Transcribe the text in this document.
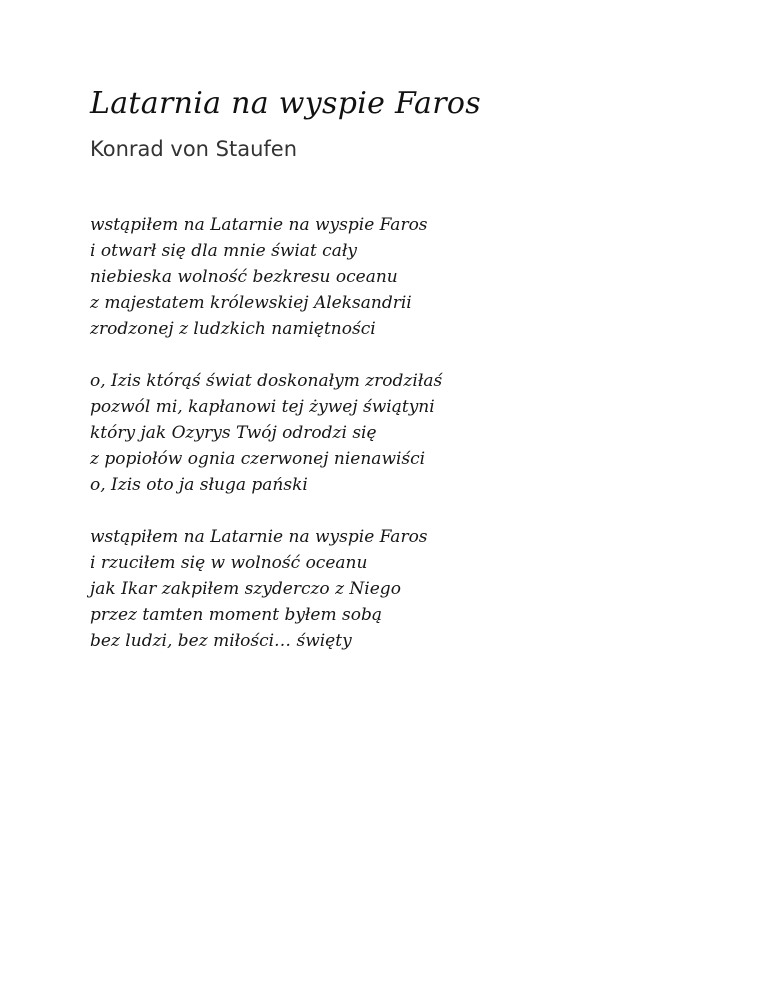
Latarnia na wyspie Faros
Konrad von Staufen
wstąpiłem na Latarnie na wyspie Faros
i otwarł się dla mnie świat cały
niebieska wolność bezkresu oceanu
z majestatem królewskiej Aleksandrii
zrodzonej z ludzkich namiętności
o, Izis którąś świat doskonałym zrodziłaś
pozwól mi, kapłanowi tej żywej świątyni
który jak Ozyrys Twój odrodzi się
z popiołów ognia czerwonej nienawiści
o, Izis oto ja sługa pański
wstąpiłem na Latarnie na wyspie Faros
i rzuciłem się w wolność oceanu
jak Ikar zakpiłem szyderczo z Niego
przez tamten moment byłem sobą
bez ludzi, bez miłości… święty
